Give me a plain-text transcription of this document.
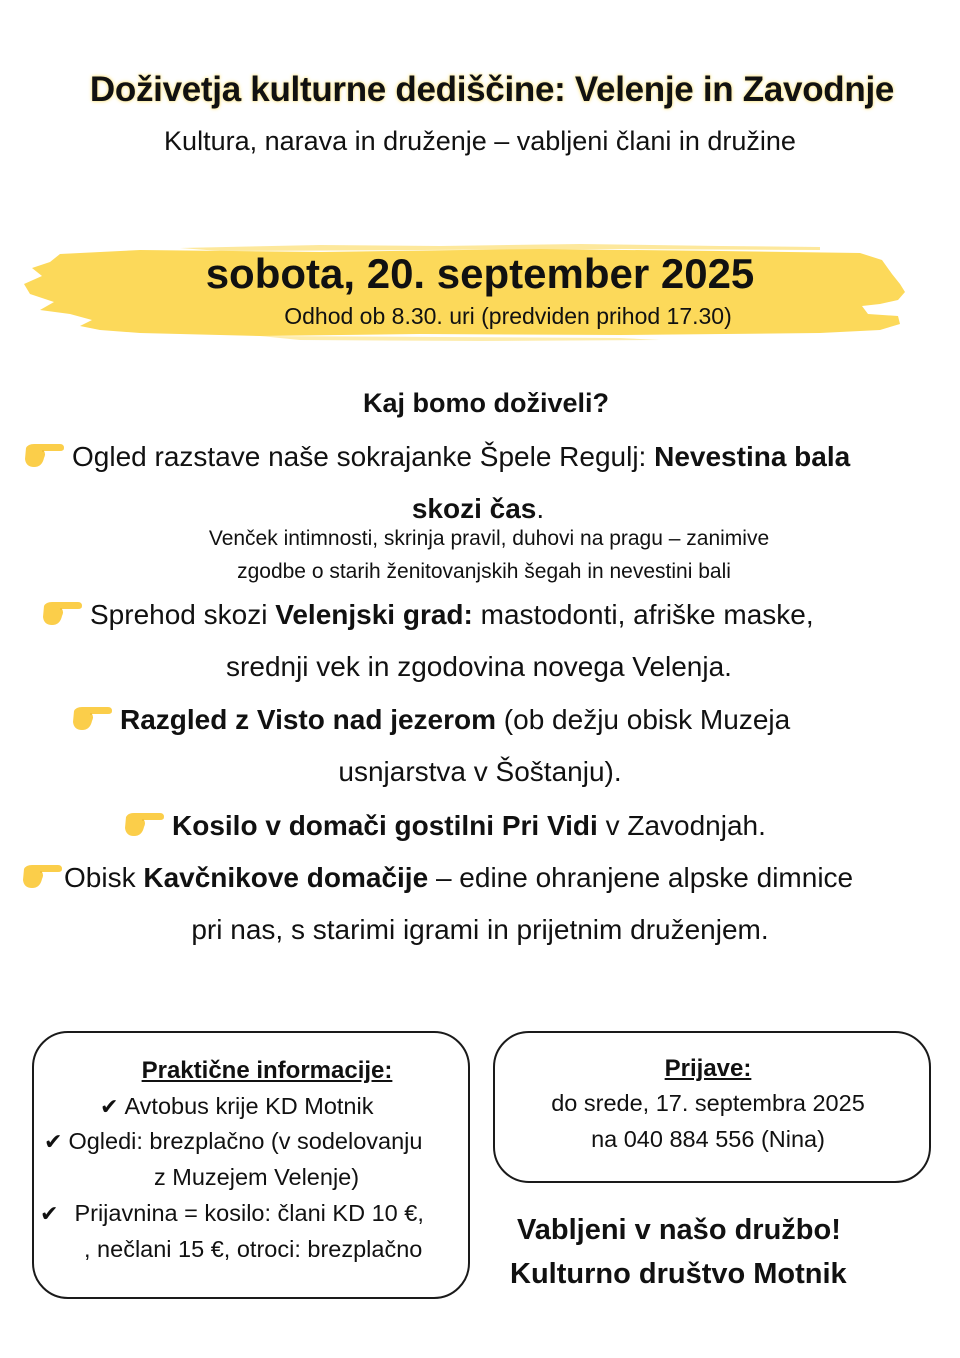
Doživetja kulturne dediščine: Velenje in Zavodnje
Kultura, narava in druženje – vabljeni člani in družine
sobota, 20. september 2025
Odhod ob 8.30. uri (predviden prihod 17.30)
Kaj bomo doživeli?
Ogled razstave naše sokrajanke Špele Regulj: Nevestina bala
skozi čas.
Venček intimnosti, skrinja pravil, duhovi na pragu – zanimive
zgodbe o starih ženitovanjskih šegah in nevestini bali
Sprehod skozi Velenjski grad: mastodonti, afriške maske,
srednji vek in zgodovina novega Velenja.
Razgled z Visto nad jezerom (ob dežju obisk Muzeja
usnjarstva v Šoštanju).
Kosilo v domači gostilni Pri Vidi v Zavodnjah.
Obisk Kavčnikove domačije – edine ohranjene alpske dimnice
pri nas, s starimi igrami in prijetnim druženjem.
Praktične informacije:
✔ Avtobus krije KD Motnik
✔ Ogledi: brezplačno (v sodelovanju
z Muzejem Velenje)
✔ Prijavnina = kosilo: člani KD 10 €,
, nečlani 15 €, otroci: brezplačno
Prijave:
do srede, 17. septembra 2025
na 040 884 556 (Nina)
Vabljeni v našo družbo!
Kulturno društvo Motnik
